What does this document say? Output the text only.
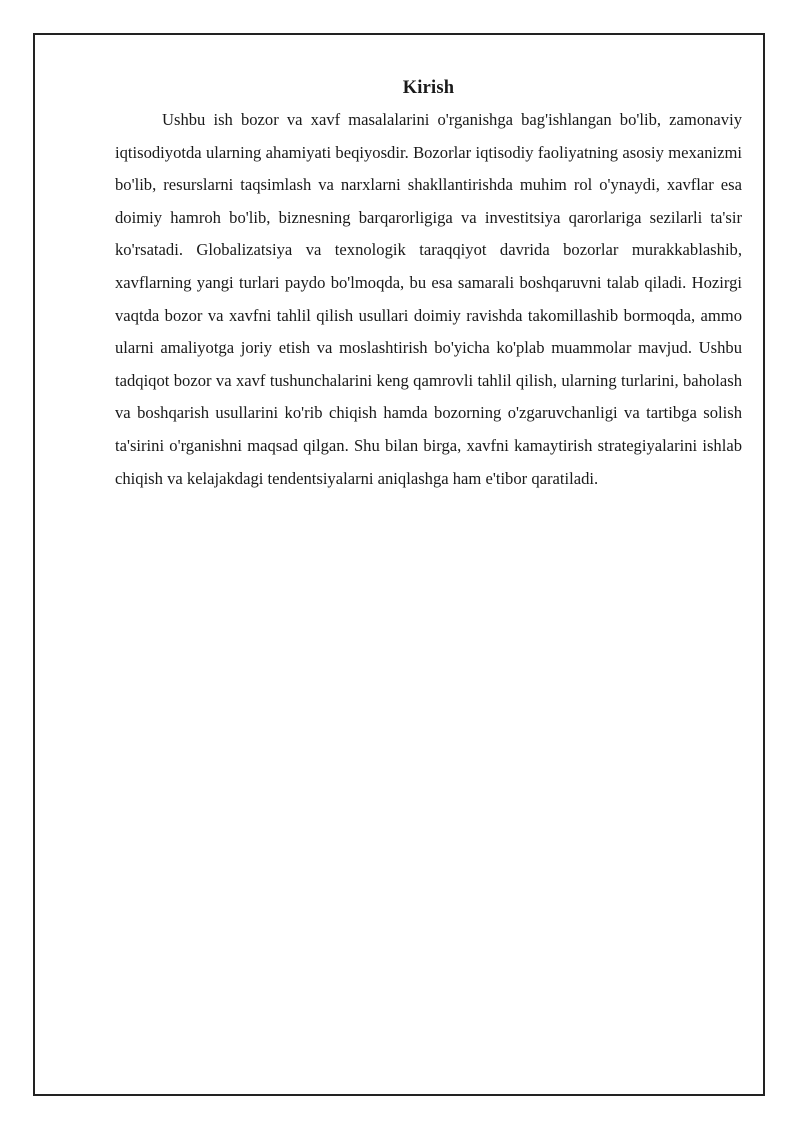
Kirish

Ushbu ish bozor va xavf masalalarini o'rganishga bag'ishlangan bo'lib, zamonaviy iqtisodiyotda ularning ahamiyati beqiyosdir. Bozorlar iqtisodiy faoliyatning asosiy mexanizmi bo'lib, resurslarni taqsimlash va narxlarni shakllantirishda muhim rol o'ynaydi, xavflar esa doimiy hamroh bo'lib, biznesning barqarorligiga va investitsiya qarorlariga sezilarli ta'sir ko'rsatadi. Globalizatsiya va texnologik taraqqiyot davrida bozorlar murakkablashib, xavflarning yangi turlari paydo bo'lmoqda, bu esa samarali boshqaruvni talab qiladi. Hozirgi vaqtda bozor va xavfni tahlil qilish usullari doimiy ravishda takomillashib bormoqda, ammo ularni amaliyotga joriy etish va moslashtirish bo'yicha ko'plab muammolar mavjud. Ushbu tadqiqot bozor va xavf tushunchalarini keng qamrovli tahlil qilish, ularning turlarini, baholash va boshqarish usullarini ko'rib chiqish hamda bozorning o'zgaruvchanligi va tartibga solish ta'sirini o'rganishni maqsad qilgan. Shu bilan birga, xavfni kamaytirish strategiyalarini ishlab chiqish va kelajakdagi tendentsiyalarni aniqlashga ham e'tibor qaratiladi.
